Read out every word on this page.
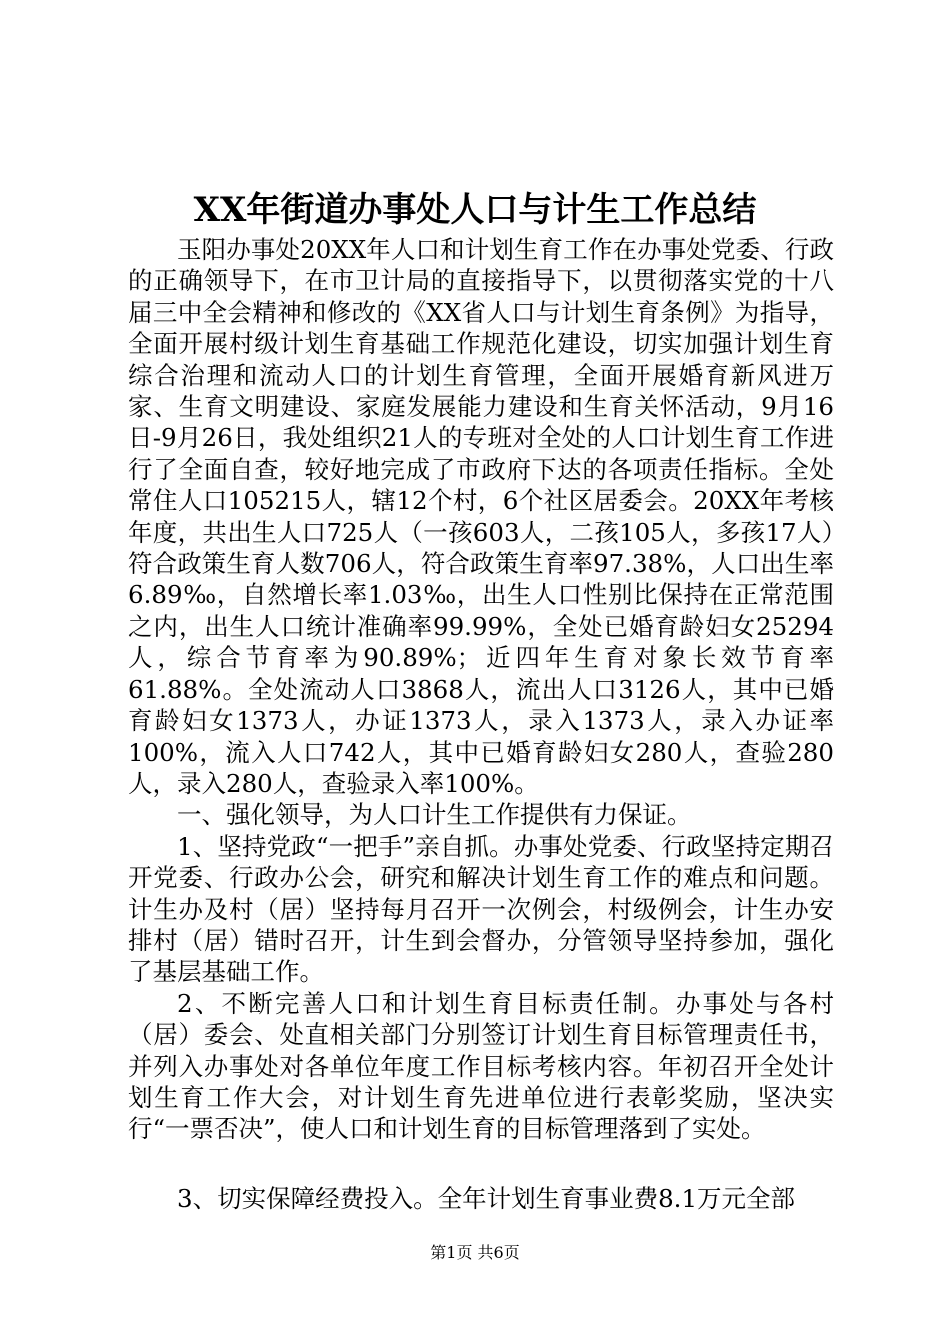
XX年街道办事处人口与计生工作总结

玉阳办事处20XX年人口和计划生育工作在办事处党委、行政的正确领导下，在市卫计局的直接指导下，以贯彻落实党的十八届三中全会精神和修改的《XX省人口与计划生育条例》为指导，全面开展村级计划生育基础工作规范化建设，切实加强计划生育综合治理和流动人口的计划生育管理，全面开展婚育新风进万家、生育文明建设、家庭发展能力建设和生育关怀活动，9月16日-9月26日，我处组织21人的专班对全处的人口计划生育工作进行了全面自查，较好地完成了市政府下达的各项责任指标。全处常住人口105215人，辖12个村，6个社区居委会。20XX年考核年度，共出生人口725人（一孩603人，二孩105人，多孩17人）符合政策生育人数706人，符合政策生育率97.38%，人口出生率6.89‰，自然增长率1.03‰，出生人口性别比保持在正常范围之内，出生人口统计准确率99.99%，全处已婚育龄妇女25294人，综合节育率为90.89%；近四年生育对象长效节育率61.88%。全处流动人口3868人，流出人口3126人，其中已婚育龄妇女1373人，办证1373人，录入1373人，录入办证率100%，流入人口742人，其中已婚育龄妇女280人，查验280人，录入280人，查验录入率100%。

一、强化领导，为人口计生工作提供有力保证。

1、坚持党政“一把手”亲自抓。办事处党委、行政坚持定期召开党委、行政办公会，研究和解决计划生育工作的难点和问题。计生办及村（居）坚持每月召开一次例会，村级例会，计生办安排村（居）错时召开，计生到会督办，分管领导坚持参加，强化了基层基础工作。

2、不断完善人口和计划生育目标责任制。办事处与各村（居）委会、处直相关部门分别签订计划生育目标管理责任书，并列入办事处对各单位年度工作目标考核内容。年初召开全处计划生育工作大会，对计划生育先进单位进行表彰奖励，坚决实行“一票否决”，使人口和计划生育的目标管理落到了实处。

3、切实保障经费投入。全年计划生育事业费8.1万元全部

第1页 共6页
